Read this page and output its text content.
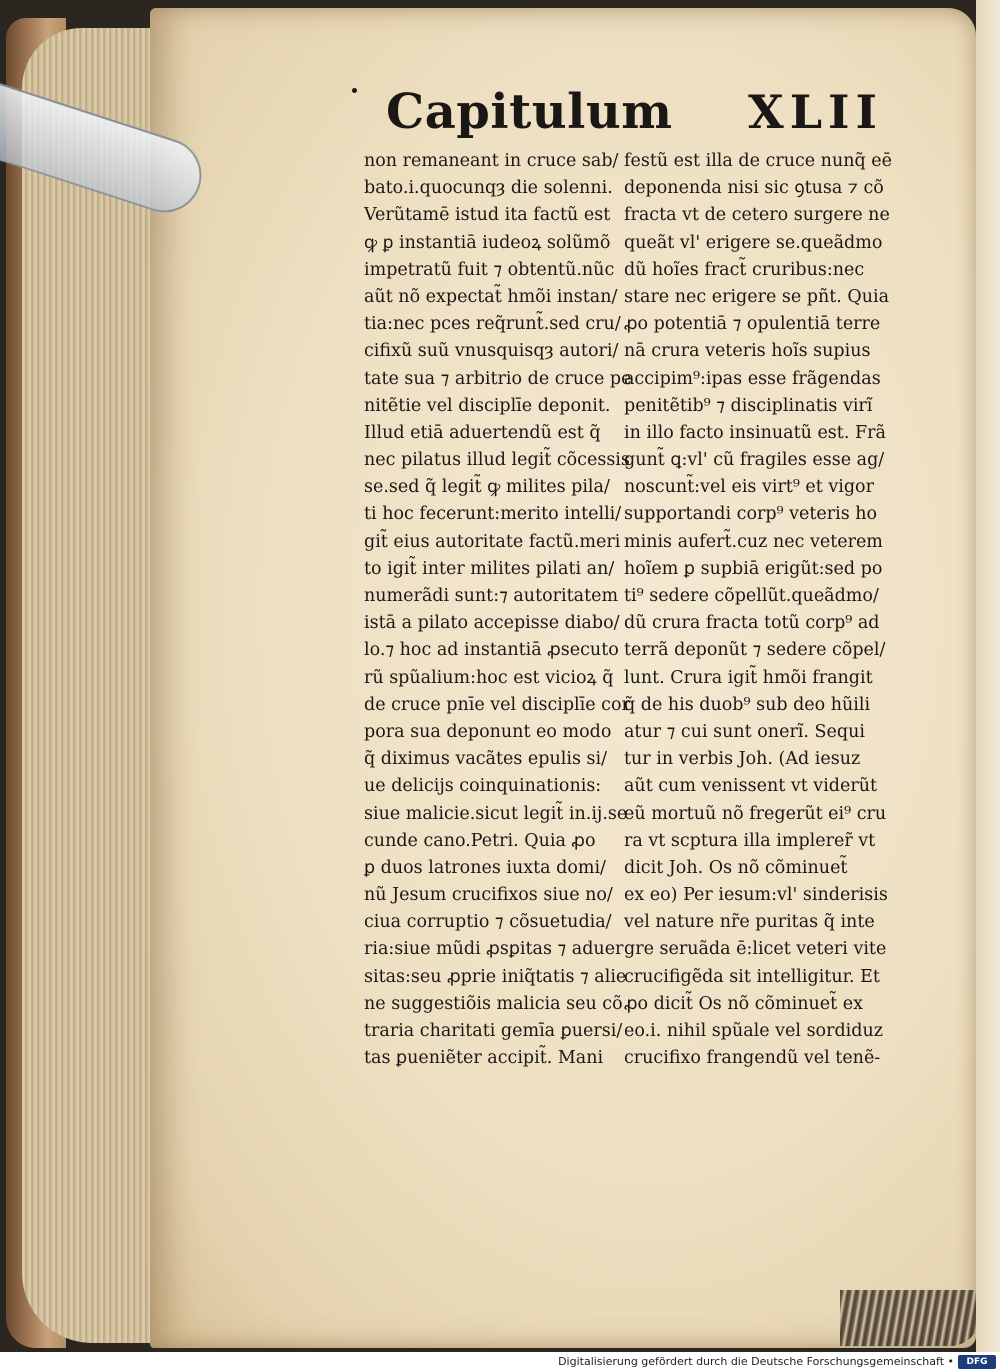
Capitulum XLII
non remaneant in cruce sab/
bato.i.quocunqȝ die solenni.
Verũtamē istud ita factũ est
ꝙ ꝑ instantiā iudeoꝝ solũmõ
impetratũ fuit ⁊ obtentũ.nũc
aũt nõ expectat̃ hmõi instan/
tia:nec pces req̃runt̃.sed cru/
cifixũ suũ vnusquisqȝ autori/
tate sua ⁊ arbitrio de cruce pe
nitẽtie vel disciplīe deponit.
Illud etiā aduertendũ est q̃
nec pilatus illud legit̃ cõcessis
se.sed q̃ legit̃ ꝙ milites pila/
ti hoc fecerunt:merito intelli/
git̃ eius autoritate factũ.meri
to igit̃ inter milites pilati an/
numerãdi sunt:⁊ autoritatem
istā a pilato accepisse diabo/
lo.⁊ hoc ad instantiā ꝓsecuto
rũ spũalium:hoc est vicioꝝ q̃
de cruce pnīe vel disciplīe cor
pora sua deponunt eo modo
q̃ diximus vacãtes epulis si/
ue delicijs coinquinationis:
siue malicie.sicut legit̃ in.ij.se
cunde cano.Petri. Quia ꝓo
ꝑ duos latrones iuxta domi/
nũ Jesum crucifixos siue no/
ciua corruptio ⁊ cõsuetudia/
ria:siue mũdi ꝓsꝑitas ⁊ aduer
sitas:seu ꝓprie iniq̃tatis ⁊ alie
ne suggestiõis malicia seu cõ
traria charitati gemīa ꝑuersi/
tas ꝑueniẽter accipit̃. Mani
festũ est illa de cruce nunq̃ eē
deponenda nisi sic ꝯtusa ⁊ cõ
fracta vt de cetero surgere ne
queãt vl' erigere se.queãdmo
dũ hoĩes fract̃ cruribus:nec
stare nec erigere se pñt. Quia
ꝓo potentiā ⁊ opulentiā terre
nā crura veteris hoĩs supius
accipim⁹:ipas esse frãgendas
penitẽtib⁹ ⁊ disciplinatis virĩ
in illo facto insinuatũ est. Frã
gunt̃ ꝗ:vl' cũ fragiles esse ag/
noscunt̃:vel eis virt⁹ et vigor
supportandi corp⁹ veteris ho
minis aufert̃.cuz nec veterem
hoĩem ꝑ supbiā erigũt:sed po
ti⁹ sedere cõpellũt.queãdmo/
dũ crura fracta totũ corp⁹ ad
terrã deponũt ⁊ sedere cõpel/
lunt. Crura igit̃ hmõi frangit
q̃ de his duob⁹ sub deo hũili
atur ⁊ cui sunt onerĩ. Sequi
tur in verbis Joh. (Ad iesuz
aũt cum venissent vt viderũt
eũ mortuũ nõ fregerũt ei⁹ cru
ra vt scptura illa implerer̃ vt
dicit Joh. Os nõ cõminuet̃
ex eo) Per iesum:vl' sinderisis
vel nature nr̃e puritas q̃ inte
gre seruãda ē:licet veteri vite
crucifigẽda sit intelligitur. Et
ꝓo dicit̃ Os nõ cõminuet̃ ex
eo.i. nihil spũale vel sordiduz
crucifixo frangendũ vel tenẽ-
Digitalisierung gefördert durch die Deutsche Forschungsgemeinschaft •	DFG
